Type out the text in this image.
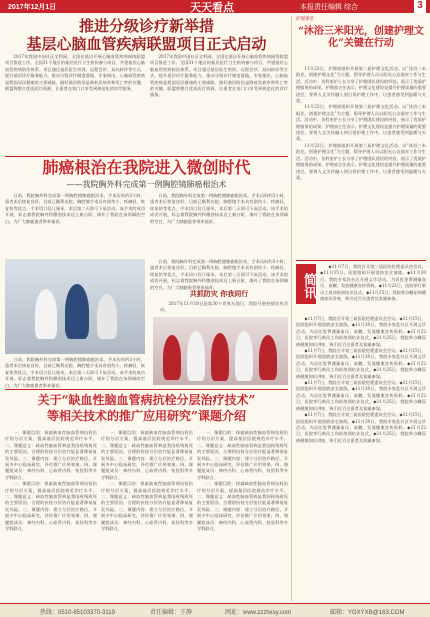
2017年12月1日	天天看点	本报责任编辑 综合	3
推进分级诊疗新举措
基层心脑血管疾病联盟项目正式启动

2017年我国中国社区全科网，全国在基层开展心脑血管疾病网络联盟项目推进工作。全国31个地区的基层医疗卫生机构参与项目，共建基层心脑血管疾病防治体系。项目通过基层医生培训、远程会诊、双向转诊等方式，提升基层诊疗服务能力，推动分级诊疗制度落地。专家指出，心脑血管疾病是我国居民健康的主要威胁，做好基层防治是降低发病率和死亡率的关键。联盟将整合优质医疗资源，让患者在家门口享受到规范化的诊疗服务。

2017年我国中国社区全科网，全国在基层开展心脑血管疾病网络联盟项目推进工作。全国31个地区的基层医疗卫生机构参与项目，共建基层心脑血管疾病防治体系。项目通过基层医生培训、远程会诊、双向转诊等方式，提升基层诊疗服务能力，推动分级诊疗制度落地。专家指出，心脑血管疾病是我国居民健康的主要威胁，做好基层防治是降低发病率和死亡率的关键。联盟将整合优质医疗资源，让患者在家门口享受到规范化的诊疗服务。

肺癌根治在我院进入微创时代
——我院胸外科完成第一例胸腔镜肺癌根治术

日前，我院胸外科完成第一例胸腔镜肺癌根治术，手术历时约3小时，患者术后恢复良好，目前已顺利出院。胸腔镜手术具有创伤小、疼痛轻、恢复快等优点，手术切口仅几厘米，术后第二天即可下床活动。该手术的成功开展，标志着我院胸外科微创技术迈上新台阶，填补了我院在该领域的空白，为广大肺癌患者带来福音。

日前，我院胸外科完成第一例胸腔镜肺癌根治术，手术历时约3小时，患者术后恢复良好，目前已顺利出院。胸腔镜手术具有创伤小、疼痛轻、恢复快等优点，手术切口仅几厘米，术后第二天即可下床活动。该手术的成功开展，标志着我院胸外科微创技术迈上新台阶，填补了我院在该领域的空白，为广大肺癌患者带来福音。

日前，我院胸外科完成第一例胸腔镜肺癌根治术，手术历时约3小时，患者术后恢复良好，目前已顺利出院。胸腔镜手术具有创伤小、疼痛轻、恢复快等优点，手术切口仅几厘米，术后第二天即可下床活动。该手术的成功开展，标志着我院胸外科微创技术迈上新台阶，填补了我院在该领域的空白，为广大肺癌患者带来福音。

日前，我院胸外科完成第一例胸腔镜肺癌根治术，手术历时约3小时，患者术后恢复良好，目前已顺利出院。胸腔镜手术具有创伤小、疼痛轻、恢复快等优点，手术切口仅几厘米，术后第二天即可下床活动。该手术的成功开展，标志着我院胸外科微创技术迈上新台阶，填补了我院在该领域的空白，为广大肺癌患者带来福音。

共抓防灾 你我同行

2017年11月18日是第30个世界无烟日，我院开展控烟宣传活动。

关于“缺血性脑血管病抗栓分层治疗技术”
等相关技术的推广应用研究”课题介绍

一、课题目的：探索缺血性脑血管病抗栓治疗的分层方案，提高基层医院规范诊疗水平。二、课题意义：缺血性脑血管病是我国致残致死的主要原因，合理的抗栓分层治疗能显著降低复发风险。三、课题内容：建立分层治疗路径，开展多中心临床研究，评估推广应用效果。四、课题组成员：神经内科、心血管内科、检验科等多学科联合。

一、课题目的：探索缺血性脑血管病抗栓治疗的分层方案，提高基层医院规范诊疗水平。二、课题意义：缺血性脑血管病是我国致残致死的主要原因，合理的抗栓分层治疗能显著降低复发风险。三、课题内容：建立分层治疗路径，开展多中心临床研究，评估推广应用效果。四、课题组成员：神经内科、心血管内科、检验科等多学科联合。

一、课题目的：探索缺血性脑血管病抗栓治疗的分层方案，提高基层医院规范诊疗水平。二、课题意义：缺血性脑血管病是我国致残致死的主要原因，合理的抗栓分层治疗能显著降低复发风险。三、课题内容：建立分层治疗路径，开展多中心临床研究，评估推广应用效果。四、课题组成员：神经内科、心血管内科、检验科等多学科联合。

一、课题目的：探索缺血性脑血管病抗栓治疗的分层方案，提高基层医院规范诊疗水平。二、课题意义：缺血性脑血管病是我国致残致死的主要原因，合理的抗栓分层治疗能显著降低复发风险。三、课题内容：建立分层治疗路径，开展多中心临床研究，评估推广应用效果。四、课题组成员：神经内科、心血管内科、检验科等多学科联合。

一、课题目的：探索缺血性脑血管病抗栓治疗的分层方案，提高基层医院规范诊疗水平。二、课题意义：缺血性脑血管病是我国致残致死的主要原因，合理的抗栓分层治疗能显著降低复发风险。三、课题内容：建立分层治疗路径，开展多中心临床研究，评估推广应用效果。四、课题组成员：神经内科、心血管内科、检验科等多学科联合。

一、课题目的：探索缺血性脑血管病抗栓治疗的分层方案，提高基层医院规范诊疗水平。二、课题意义：缺血性脑血管病是我国致残致死的主要原因，合理的抗栓分层治疗能显著降低复发风险。三、课题内容：建立分层治疗路径，开展多中心临床研究，评估推广应用效果。四、课题组成员：神经内科、心血管内科、检验科等多学科联合。

护理课堂
“沐浴三米阳光，创建护理文化”关键在行动

11月23日，护理部组织开展第三届护理文化活动。以“沐浴三米阳光，创建护理文化”为主题，倡导护理人员以阳光心态面对工作与生活。活动中，各科室护士长分享了护理团队建设的经验，展示了优质护理服务的成果。护理部主任表示，护理文化建设是提升护理质量的重要途径，要将人文关怀融入到日常护理工作中，让患者感受到温暖与关爱。

11月23日，护理部组织开展第三届护理文化活动。以“沐浴三米阳光，创建护理文化”为主题，倡导护理人员以阳光心态面对工作与生活。活动中，各科室护士长分享了护理团队建设的经验，展示了优质护理服务的成果。护理部主任表示，护理文化建设是提升护理质量的重要途径，要将人文关怀融入到日常护理工作中，让患者感受到温暖与关爱。

11月23日，护理部组织开展第三届护理文化活动。以“沐浴三米阳光，创建护理文化”为主题，倡导护理人员以阳光心态面对工作与生活。活动中，各科室护士长分享了护理团队建设的经验，展示了优质护理服务的成果。护理部主任表示，护理文化建设是提升护理质量的重要途径，要将人文关怀融入到日常护理工作中，让患者感受到温暖与关爱。

简讯

◆11月7日，我院召开第三届医院伦理委员会会议。◆11月15日，医院组织开展消防安全演练。◆11月20日，我院专家赴社区开展义诊活动，为居民免费测量血压、血糖，发放健康宣传资料。◆11月22日，医院举行新员工岗前培训结业仪式。◆11月25日，我院举办糖尿病健康知识讲座，吸引近百名患者及家属参加。

◆11月7日，我院召开第三届医院伦理委员会会议。◆11月15日，医院组织开展消防安全演练。◆11月20日，我院专家赴社区开展义诊活动，为居民免费测量血压、血糖，发放健康宣传资料。◆11月22日，医院举行新员工岗前培训结业仪式。◆11月25日，我院举办糖尿病健康知识讲座，吸引近百名患者及家属参加。

◆11月7日，我院召开第三届医院伦理委员会会议。◆11月15日，医院组织开展消防安全演练。◆11月20日，我院专家赴社区开展义诊活动，为居民免费测量血压、血糖，发放健康宣传资料。◆11月22日，医院举行新员工岗前培训结业仪式。◆11月25日，我院举办糖尿病健康知识讲座，吸引近百名患者及家属参加。

◆11月7日，我院召开第三届医院伦理委员会会议。◆11月15日，医院组织开展消防安全演练。◆11月20日，我院专家赴社区开展义诊活动，为居民免费测量血压、血糖，发放健康宣传资料。◆11月22日，医院举行新员工岗前培训结业仪式。◆11月25日，我院举办糖尿病健康知识讲座，吸引近百名患者及家属参加。

◆11月7日，我院召开第三届医院伦理委员会会议。◆11月15日，医院组织开展消防安全演练。◆11月20日，我院专家赴社区开展义诊活动，为居民免费测量血压、血糖，发放健康宣传资料。◆11月22日，医院举行新员工岗前培训结业仪式。◆11月25日，我院举办糖尿病健康知识讲座，吸引近百名患者及家属参加。

热线：0510-85103370-3119	责任编辑：王静	网址：www.zzzhxsy.com	邮箱：YGXYXB@163.COM
